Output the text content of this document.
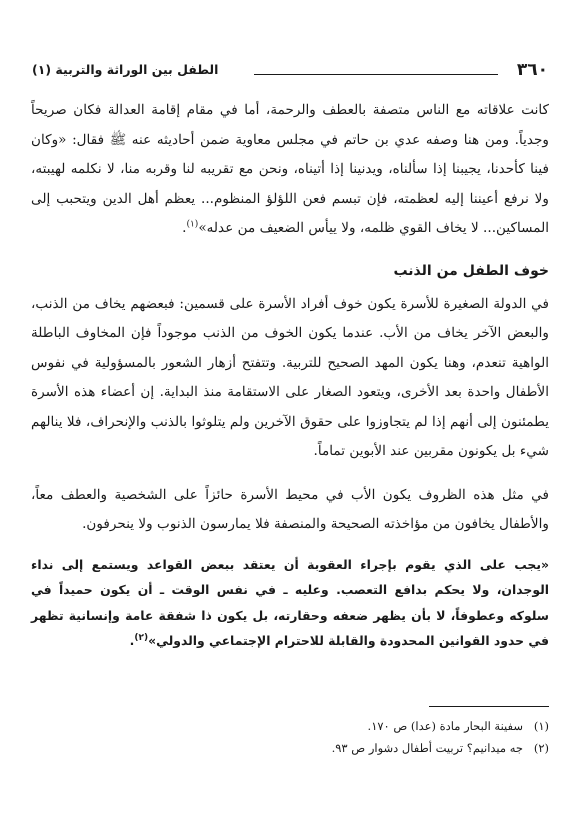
٣٦٠
الطفل بين الوراثة والتربية (١)

كانت علاقاته مع الناس متصفة بالعطف والرحمة، أما في مقام إقامة العدالة فكان صريحاً وجدياً. ومن هنا وصفه عدي بن حاتم في مجلس معاوية ضمن أحاديثه عنه ﷺ فقال: «وكان فينا كأحدنا، يجيبنا إذا سألناه، ويدنينا إذا أتيناه، ونحن مع تقريبه لنا وقربه منا، لا نكلمه لهيبته، ولا نرفع أعيننا إليه لعظمته، فإن تبسم فعن اللؤلؤ المنظوم... يعظم أهل الدين ويتحبب إلى المساكين... لا يخاف القوي ظلمه، ولا ييأس الضعيف من عدله»$^{(١)}$.

خوف الطفل من الذنب

في الدولة الصغيرة للأسرة يكون خوف أفراد الأسرة على قسمين: فبعضهم يخاف من الذنب، والبعض الآخر يخاف من الأب. عندما يكون الخوف من الذنب موجوداً فإن المخاوف الباطلة الواهية تنعدم، وهنا يكون المهد الصحيح للتربية. وتتفتح أزهار الشعور بالمسؤولية في نفوس الأطفال واحدة بعد الأخرى، ويتعود الصغار على الاستقامة منذ البداية. إن أعضاء هذه الأسرة يطمئنون إلى أنهم إذا لم يتجاوزوا على حقوق الآخرين ولم يتلوثوا بالذنب والإنحراف، فلا ينالهم شيء بل يكونون مقربين عند الأبوين تماماً.

في مثل هذه الظروف يكون الأب في محيط الأسرة حائزاً على الشخصية والعطف معاً، والأطفال يخافون من مؤاخذته الصحيحة والمنصفة فلا يمارسون الذنوب ولا ينحرفون.

«يجب على الذي يقوم بإجراء العقوبة أن يعتقد ببعض القواعد ويستمع إلى نداء الوجدان، ولا يحكم بدافع التعصب. وعليه ـ في نفس الوقت ـ أن يكون حميداً في سلوكه وعطوفاً، لا بأن يظهر ضعفه وحقارته، بل يكون ذا شفقة عامة وإنسانية تظهر في حدود القوانين المحدودة والقابلة للاحترام الإجتماعي والدولي»$^{(٢)}$.

(١)سفينة البحار مادة (عدا) ص ١٧٠.
(٢)جه ميدانيم؟ تربيت أطفال دشوار ص ٩٣.
